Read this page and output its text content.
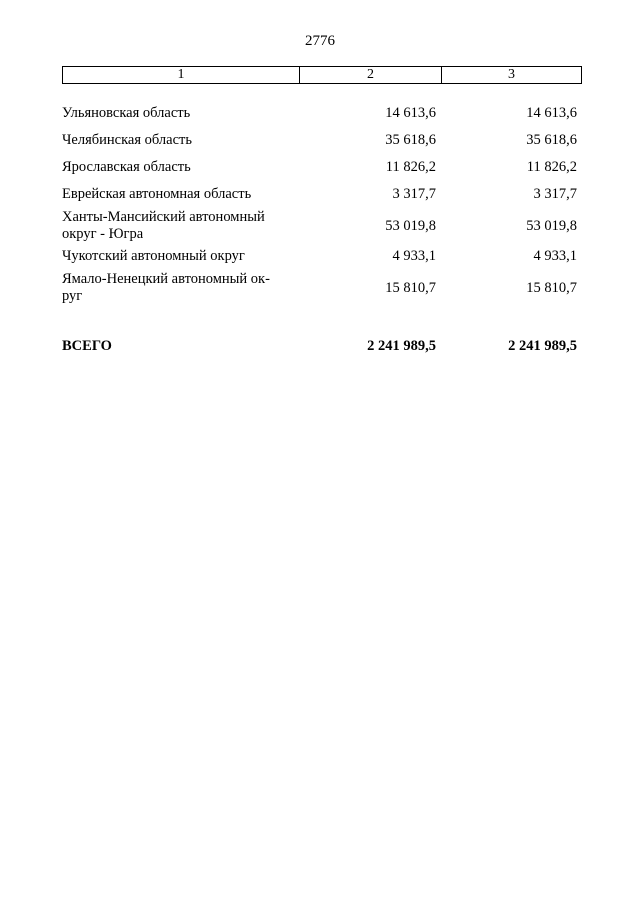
2776
1	2	3
Ульяновская область	14 613,6	14 613,6
Челябинская область	35 618,6	35 618,6
Ярославская область	11 826,2	11 826,2
Еврейская автономная область	3 317,7	3 317,7
Ханты-Мансийский автономный округ - Югра	53 019,8	53 019,8
Чукотский автономный округ	4 933,1	4 933,1
Ямало-Ненецкий автономный ок-руг	15 810,7	15 810,7
ВСЕГО	2 241 989,5	2 241 989,5
